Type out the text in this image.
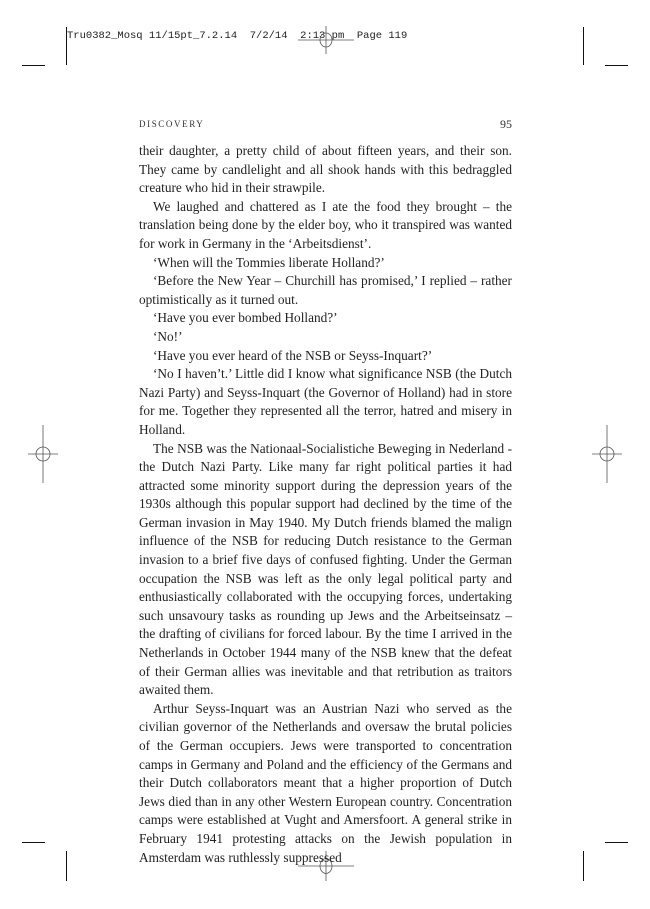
Tru0382_Mosq 11/15pt_7.2.14  7/2/14  2:13 pm  Page 119
DISCOVERY	95

their daughter, a pretty child of about fifteen years, and their son. They came by candlelight and all shook hands with this bedraggled creature who hid in their strawpile.

We laughed and chattered as I ate the food they brought – the translation being done by the elder boy, who it transpired was wanted for work in Germany in the ‘Arbeitsdienst’.

‘When will the Tommies liberate Holland?’

‘Before the New Year – Churchill has promised,’ I replied – rather optimistically as it turned out.

‘Have you ever bombed Holland?’

‘No!’

‘Have you ever heard of the NSB or Seyss-Inquart?’

‘No I haven’t.’ Little did I know what significance NSB (the Dutch Nazi Party) and Seyss-Inquart (the Governor of Holland) had in store for me. Together they represented all the terror, hatred and misery in Holland.

The NSB was the Nationaal-Socialistiche Beweging in Nederland - the Dutch Nazi Party. Like many far right political parties it had attracted some minority support during the depression years of the 1930s although this popular support had declined by the time of the German invasion in May 1940. My Dutch friends blamed the malign influence of the NSB for reducing Dutch resistance to the German invasion to a brief five days of confused fighting. Under the German occupation the NSB was left as the only legal political party and enthusiastically collaborated with the occupying forces, undertaking such unsavoury tasks as rounding up Jews and the Arbeitseinsatz – the drafting of civilians for forced labour. By the time I arrived in the Netherlands in October 1944 many of the NSB knew that the defeat of their German allies was inevitable and that retribution as traitors awaited them.

Arthur Seyss-Inquart was an Austrian Nazi who served as the civilian governor of the Netherlands and oversaw the brutal policies of the German occupiers. Jews were transported to concentration camps in Germany and Poland and the efficiency of the Germans and their Dutch collaborators meant that a higher proportion of Dutch Jews died than in any other Western European country. Concentration camps were established at Vught and Amersfoort. A general strike in February 1941 protesting attacks on the Jewish population in Amsterdam was ruthlessly suppressed
